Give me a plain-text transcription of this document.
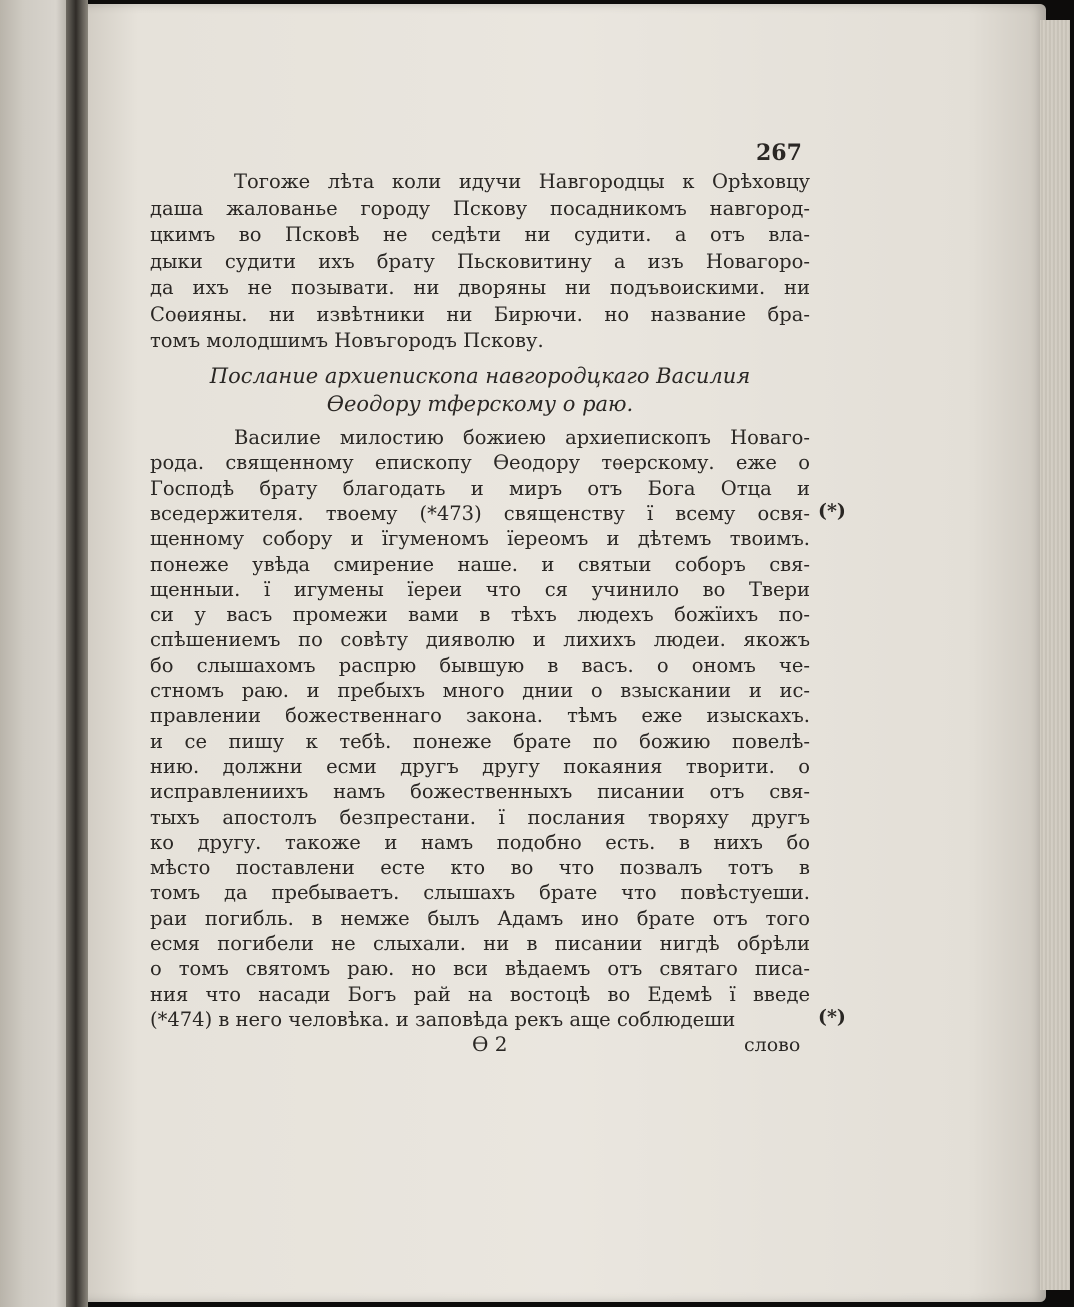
267
Тогоже лѣта коли идучи Навгородцы к Орѣховцу
даша жалованье городу Пскову посадникомъ навгород-
цкимъ во Псковѣ не седѣти ни судити. а отъ вла-
дыки судити ихъ брату Пьсковитину а изъ Новагоро-
да ихъ не позывати. ни дворяны ни подъвоискими. ни
Соѳияны. ни извѣтники ни Бирючи. но название бра-
томъ молодшимъ Новъгородъ Пскову.
Послание архиепископа навгородцкаго Василия
Ѳеодору тферскому о раю.
Василие милостию божиею архиепископъ Новаго-
рода. священному епископу Ѳеодору тѳерскому. еже о
Господѣ брату благодать и миръ отъ Бога Отца и
вседержителя. твоему (*473) священству ї всему освя-
щенному собору и їгуменомъ їереомъ и дѣтемъ твоимъ.
понеже увѣда смирение наше. и святыи соборъ свя-
щенныи. ї игумены їереи что ся учинило во Твери
си у васъ промежи вами в тѣхъ людехъ божїихъ по-
спѣшениемъ по совѣту дияволю и лихихъ людеи. якожъ
бо слышахомъ распрю бывшую в васъ. о ономъ че-
стномъ раю. и пребыхъ много днии о взыскании и ис-
правлении божественнаго закона. тѣмъ еже изыскахъ.
и се пишу к тебѣ. понеже брате по божию повелѣ-
нию. должни есми другъ другу покаяния творити. о
исправленииxъ намъ божественныхъ писании отъ свя-
тыхъ апостолъ безпрестани. ї послания творяху другъ
ко другу. такоже и намъ подобно есть. в нихъ бо
мѣсто поставлени есте кто во что позвалъ тотъ в
томъ да пребываетъ. слышахъ брате что повѣстуеши.
раи погибль. в немже былъ Адамъ ино брате отъ того
есмя погибели не слыхали. ни в писании нигдѣ обрѣли
о томъ святомъ раю. но вси вѣдаемъ отъ святаго писа-
ния что насади Богъ рай на востоцѣ во Едемѣ ї введе
(*474) в него человѣка. и заповѣда рекъ аще соблюдеши
(*)
(*)
Ѳ 2	слово
